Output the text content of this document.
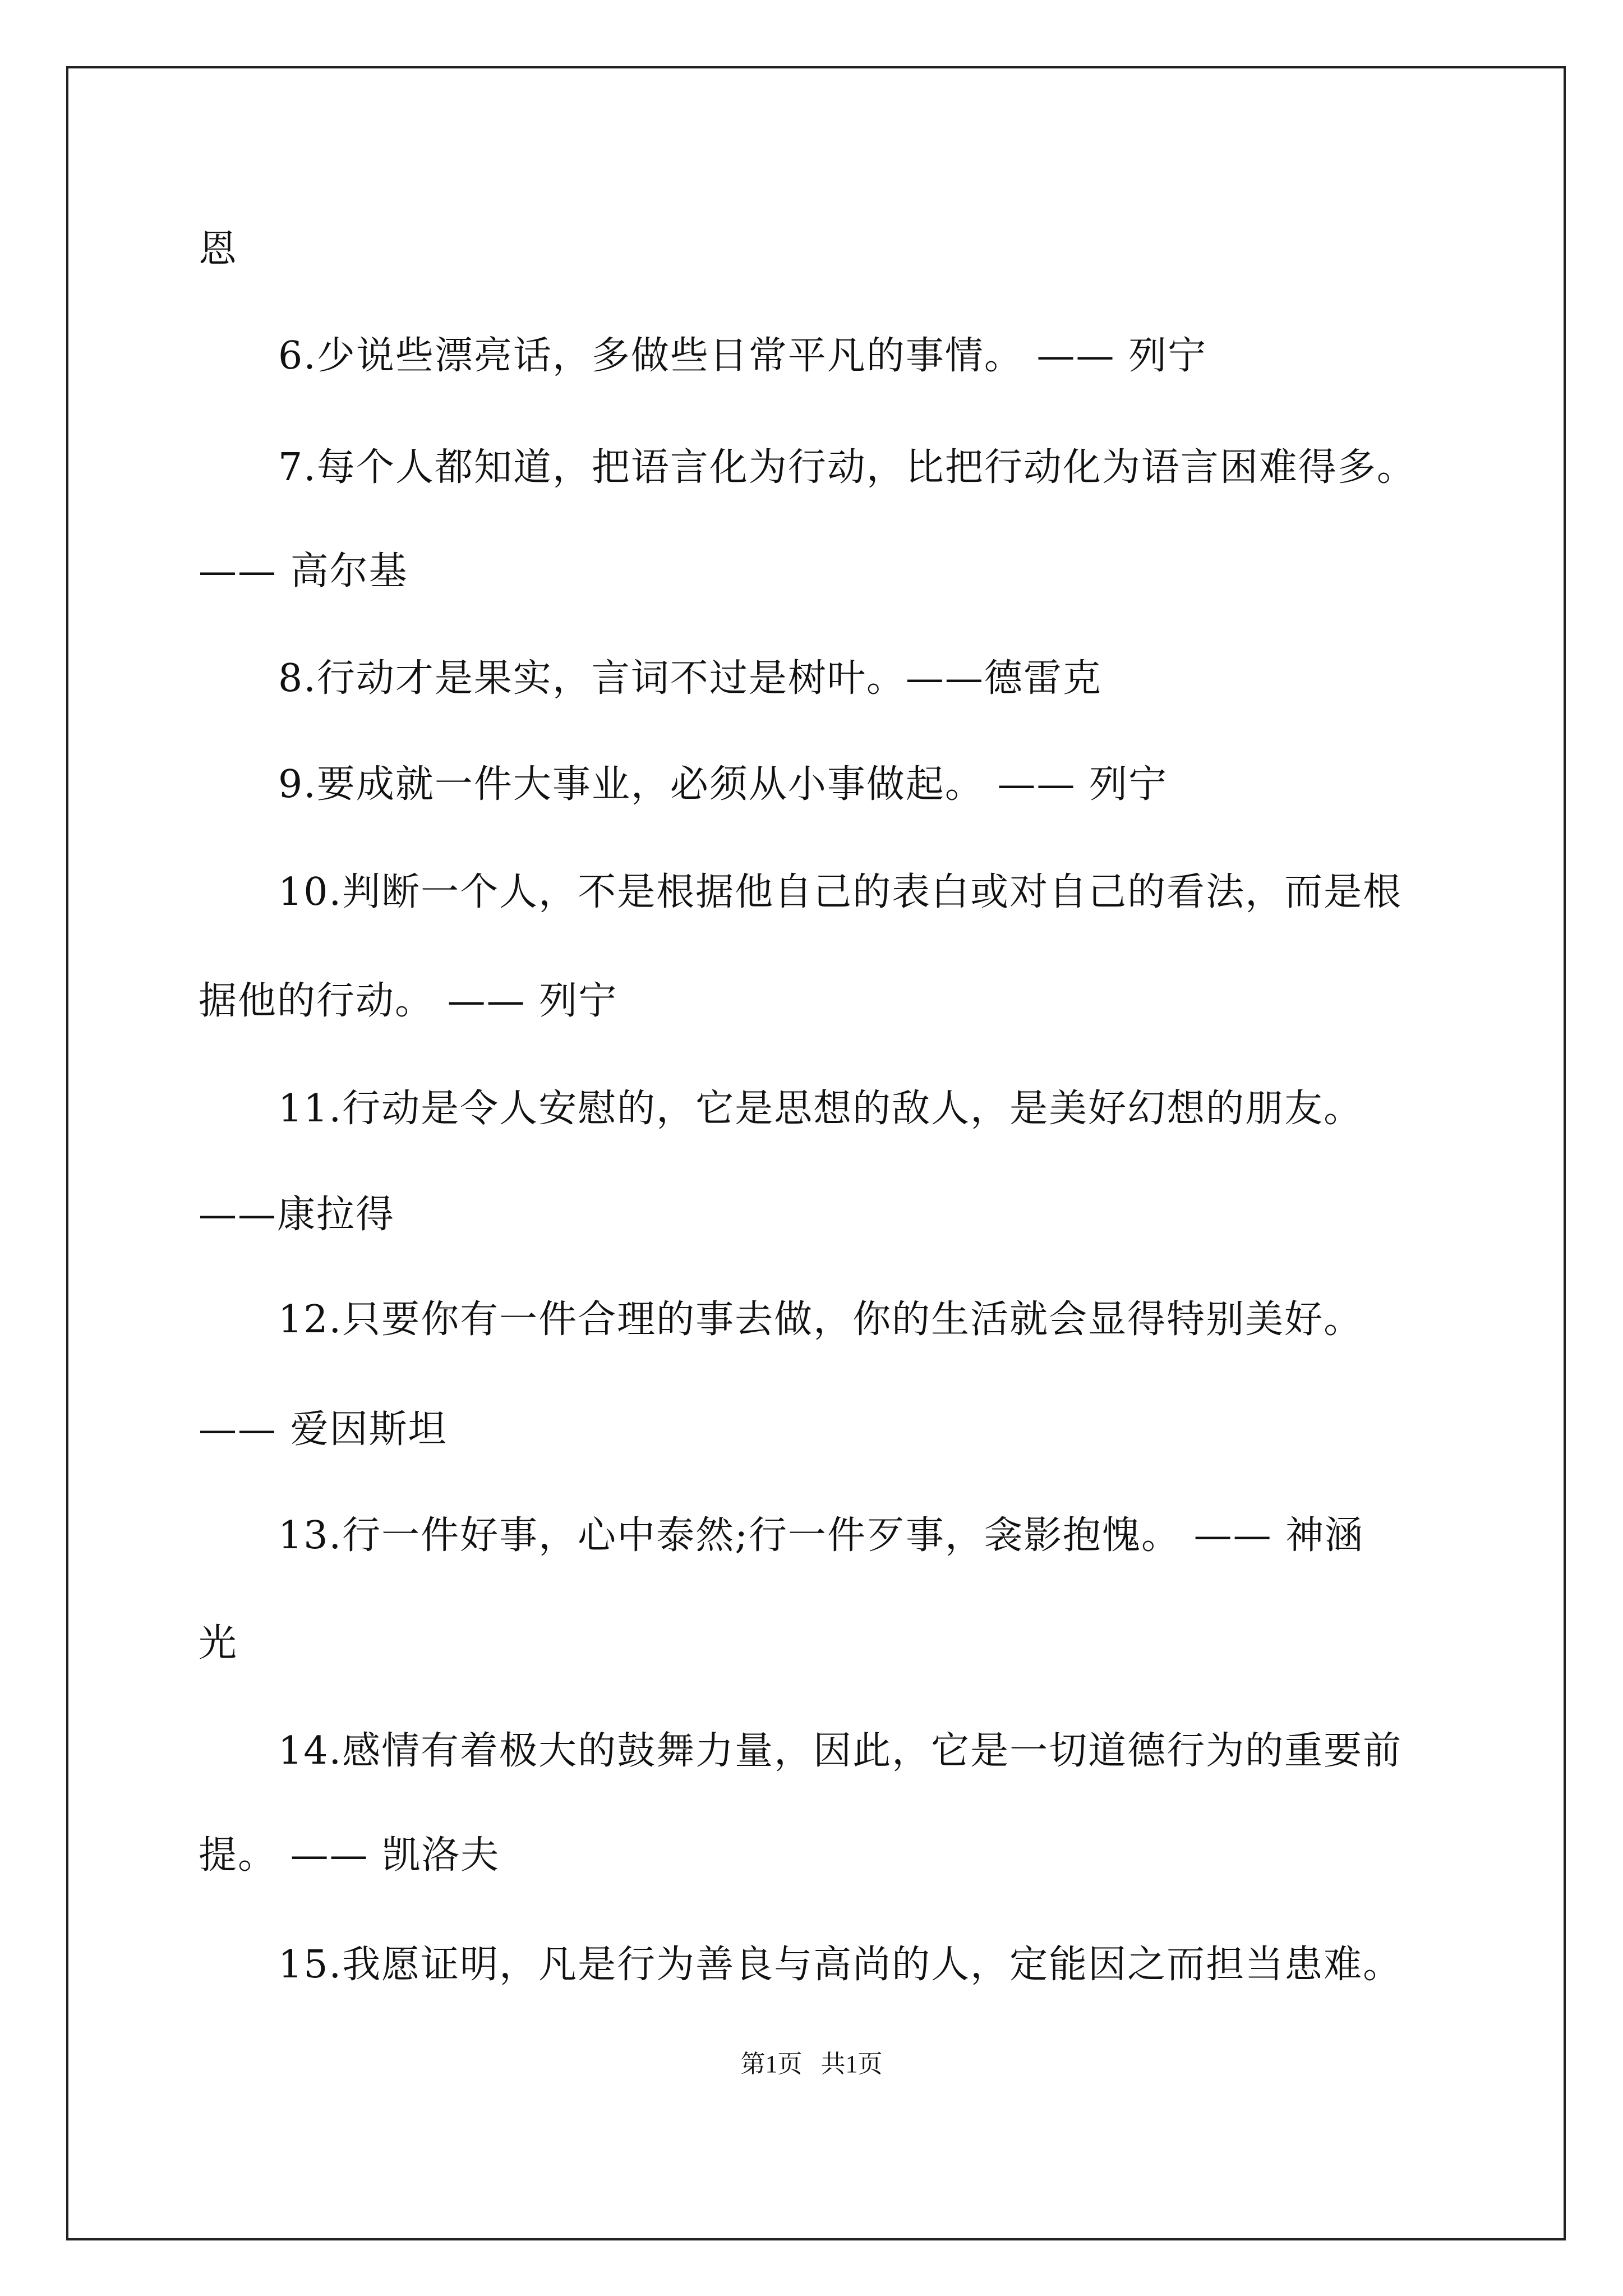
恩

6.少说些漂亮话，多做些日常平凡的事情。 —— 列宁

7.每个人都知道，把语言化为行动，比把行动化为语言困难得多。

—— 高尔基

8.行动才是果实，言词不过是树叶。——德雷克

9.要成就一件大事业，必须从小事做起。 —— 列宁

10.判断一个人，不是根据他自己的表白或对自己的看法，而是根

据他的行动。 —— 列宁

11.行动是令人安慰的，它是思想的敌人，是美好幻想的朋友。

——康拉得

12.只要你有一件合理的事去做，你的生活就会显得特别美好。

—— 爱因斯坦

13.行一件好事，心中泰然;行一件歹事，衾影抱愧。 —— 神涵

光

14.感情有着极大的鼓舞力量，因此，它是一切道德行为的重要前

提。 —— 凯洛夫

15.我愿证明，凡是行为善良与高尚的人，定能因之而担当患难。

第1页   共1页
